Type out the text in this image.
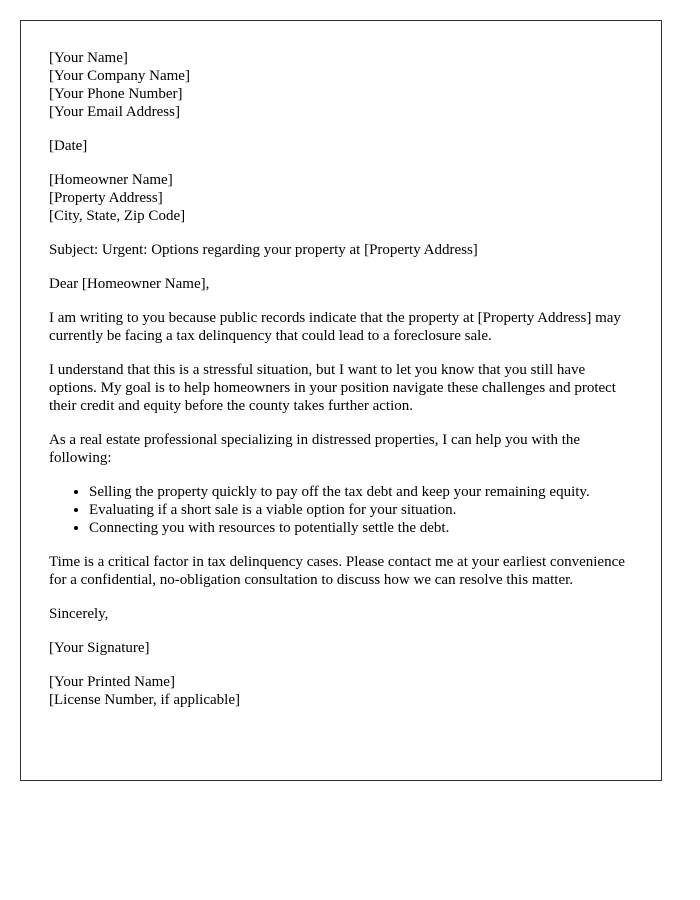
[Your Name]
[Your Company Name]
[Your Phone Number]
[Your Email Address]

[Date]

[Homeowner Name]
[Property Address]
[City, State, Zip Code]

Subject: Urgent: Options regarding your property at [Property Address]

Dear [Homeowner Name],

I am writing to you because public records indicate that the property at [Property Address] may currently be facing a tax delinquency that could lead to a foreclosure sale.

I understand that this is a stressful situation, but I want to let you know that you still have options. My goal is to help homeowners in your position navigate these challenges and protect their credit and equity before the county takes further action.

As a real estate professional specializing in distressed properties, I can help you with the following:

• Selling the property quickly to pay off the tax debt and keep your remaining equity.
• Evaluating if a short sale is a viable option for your situation.
• Connecting you with resources to potentially settle the debt.

Time is a critical factor in tax delinquency cases. Please contact me at your earliest convenience for a confidential, no-obligation consultation to discuss how we can resolve this matter.

Sincerely,

[Your Signature]

[Your Printed Name]
[License Number, if applicable]
